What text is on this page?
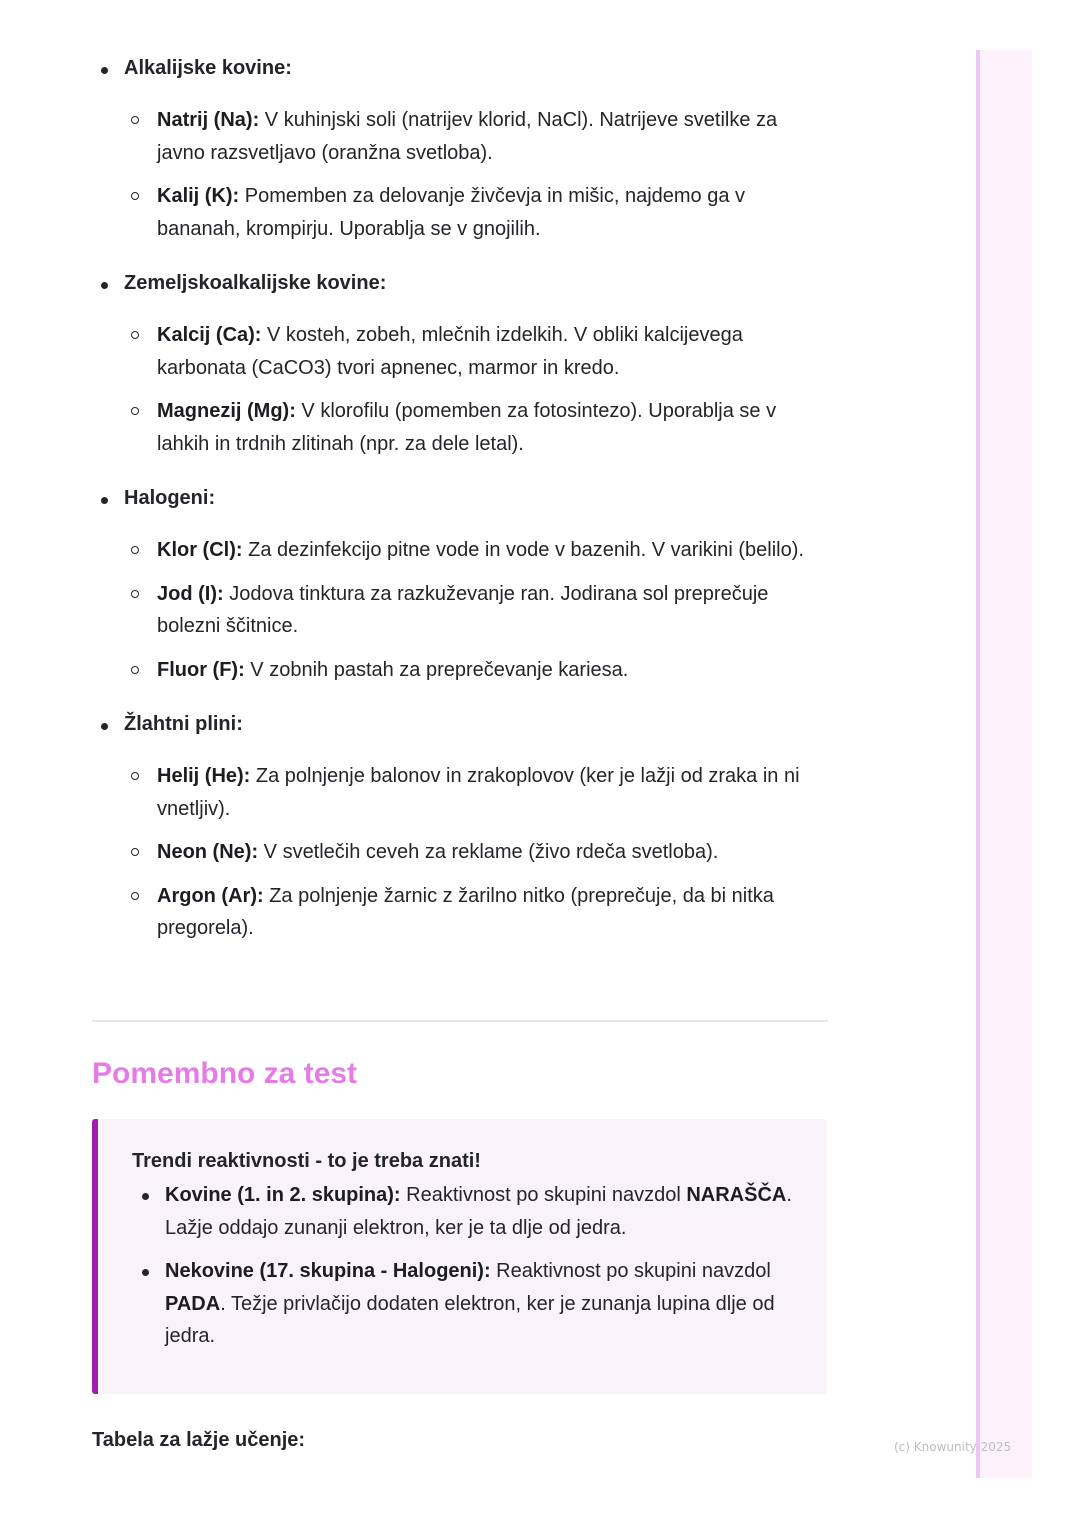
Alkalijske kovine:
Natrij (Na): V kuhinjski soli (natrijev klorid, NaCl). Natrijeve svetilke za javno razsvetljavo (oranžna svetloba).
Kalij (K): Pomemben za delovanje živčevja in mišic, najdemo ga v bananah, krompirju. Uporablja se v gnojilih.
Zemeljskoalkalijske kovine:
Kalcij (Ca): V kosteh, zobeh, mlečnih izdelkih. V obliki kalcijevega karbonata (CaCO3) tvori apnenec, marmor in kredo.
Magnezij (Mg): V klorofilu (pomemben za fotosintezo). Uporablja se v lahkih in trdnih zlitinah (npr. za dele letal).
Halogeni:
Klor (Cl): Za dezinfekcijo pitne vode in vode v bazenih. V varikini (belilo).
Jod (I): Jodova tinktura za razkuževanje ran. Jodirana sol preprečuje bolezni ščitnice.
Fluor (F): V zobnih pastah za preprečevanje kariesa.
Žlahtni plini:
Helij (He): Za polnjenje balonov in zrakoplovov (ker je lažji od zraka in ni vnetljiv).
Neon (Ne): V svetlečih ceveh za reklame (živo rdeča svetloba).
Argon (Ar): Za polnjenje žarnic z žarilno nitko (preprečuje, da bi nitka pregorela).
Pomembno za test
Trendi reaktivnosti - to je treba znati!
Kovine (1. in 2. skupina): Reaktivnost po skupini navzdol NARAŠČA. Lažje oddajo zunanji elektron, ker je ta dlje od jedra.
Nekovine (17. skupina - Halogeni): Reaktivnost po skupini navzdol PADA. Težje privlačijo dodaten elektron, ker je zunanja lupina dlje od jedra.
Tabela za lažje učenje:	(c) Knowunity 2025
